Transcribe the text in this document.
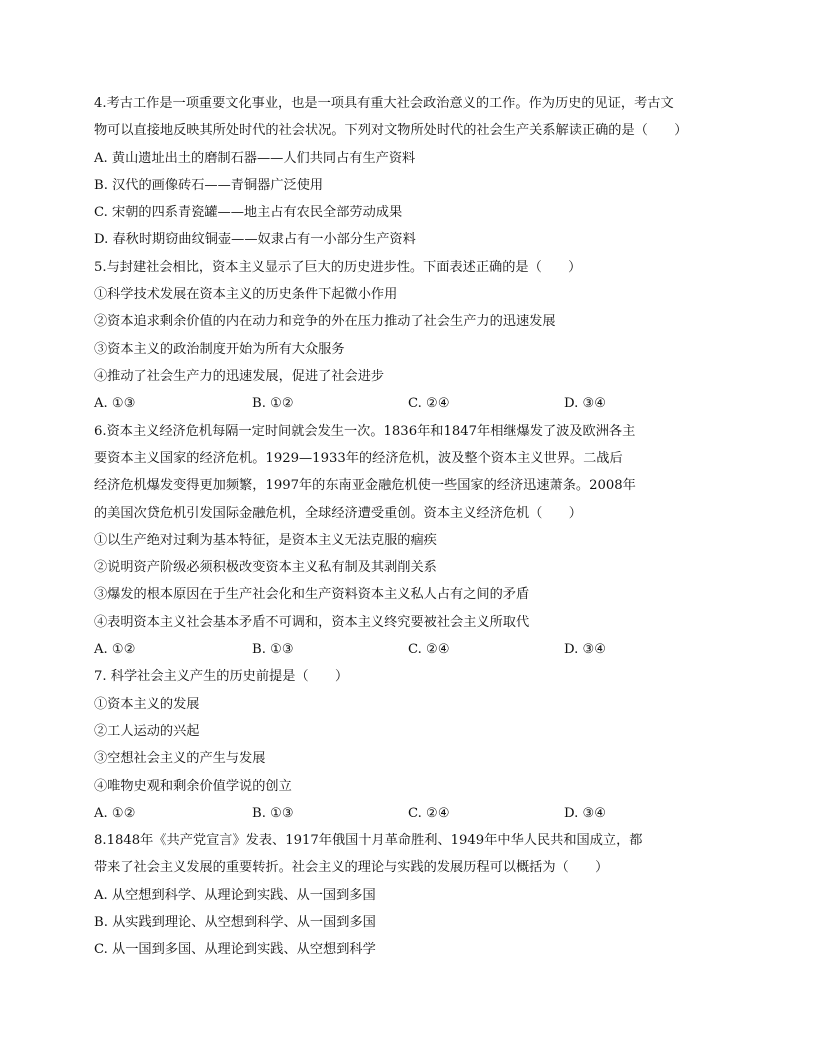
4.考古工作是一项重要文化事业，也是一项具有重大社会政治意义的工作。作为历史的见证，考古文
物可以直接地反映其所处时代的社会状况。下列对文物所处时代的社会生产关系解读正确的是（　　）
A. 黄山遗址出土的磨制石器——人们共同占有生产资料
B. 汉代的画像砖石——青铜器广泛使用
C. 宋朝的四系青瓷罐——地主占有农民全部劳动成果
D. 春秋时期窃曲纹铜壶——奴隶占有一小部分生产资料
5.与封建社会相比，资本主义显示了巨大的历史进步性。下面表述正确的是（　　）
①科学技术发展在资本主义的历史条件下起微小作用
②资本追求剩余价值的内在动力和竞争的外在压力推动了社会生产力的迅速发展
③资本主义的政治制度开始为所有大众服务
④推动了社会生产力的迅速发展，促进了社会进步
A. ①③	B. ①②	C. ②④	D. ③④
6.资本主义经济危机每隔一定时间就会发生一次。1836年和1847年相继爆发了波及欧洲各主
要资本主义国家的经济危机。1929—1933年的经济危机，波及整个资本主义世界。二战后
经济危机爆发变得更加频繁，1997年的东南亚金融危机使一些国家的经济迅速萧条。2008年
的美国次贷危机引发国际金融危机，全球经济遭受重创。资本主义经济危机（　　）
①以生产绝对过剩为基本特征，是资本主义无法克服的痼疾
②说明资产阶级必须积极改变资本主义私有制及其剥削关系
③爆发的根本原因在于生产社会化和生产资料资本主义私人占有之间的矛盾
④表明资本主义社会基本矛盾不可调和，资本主义终究要被社会主义所取代
A. ①②	B. ①③	C. ②④	D. ③④
7. 科学社会主义产生的历史前提是（　　）
①资本主义的发展
②工人运动的兴起
③空想社会主义的产生与发展
④唯物史观和剩余价值学说的创立
A. ①②	B. ①③	C. ②④	D. ③④
8.1848年《共产党宣言》发表、1917年俄国十月革命胜利、1949年中华人民共和国成立，都
带来了社会主义发展的重要转折。社会主义的理论与实践的发展历程可以概括为（　　）
A. 从空想到科学、从理论到实践、从一国到多国
B. 从实践到理论、从空想到科学、从一国到多国
C. 从一国到多国、从理论到实践、从空想到科学
